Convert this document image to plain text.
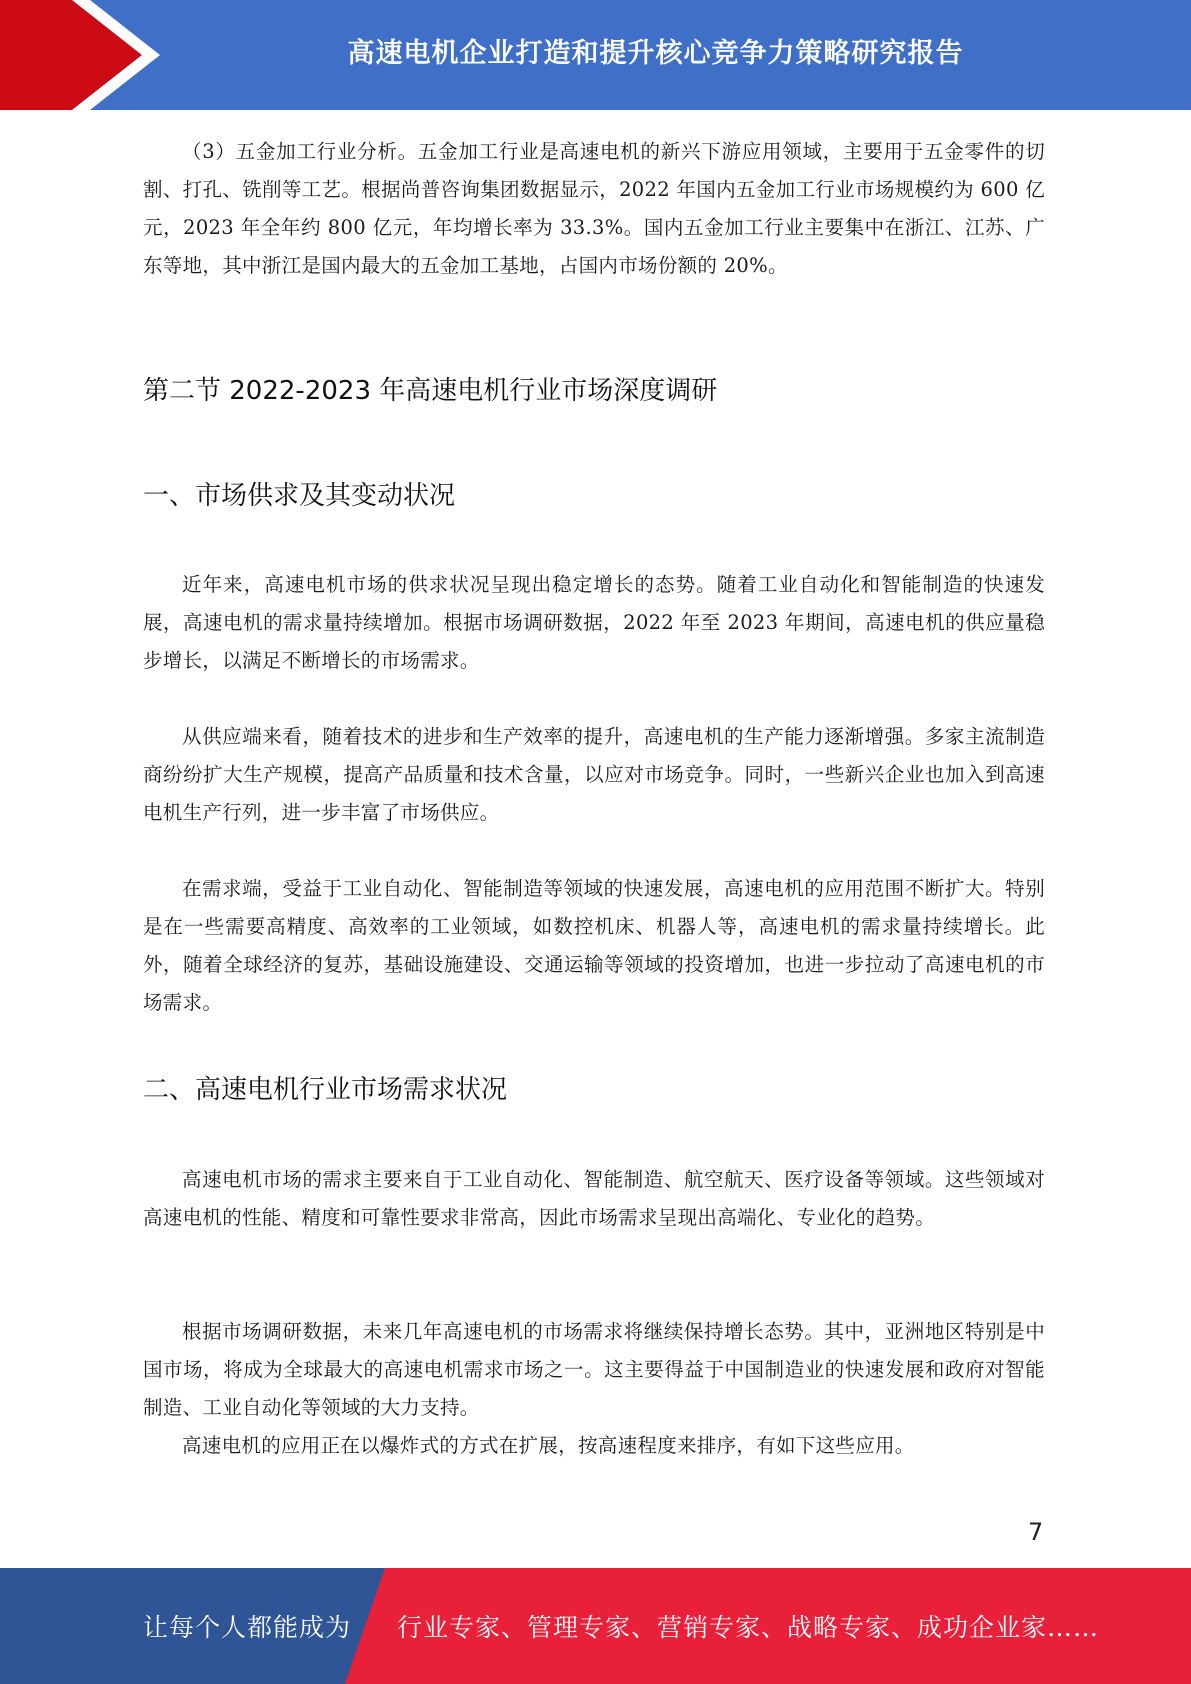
高速电机企业打造和提升核心竞争力策略研究报告

（3）五金加工行业分析。五金加工行业是高速电机的新兴下游应用领域，主要用于五金零件的切割、打孔、铣削等工艺。根据尚普咨询集团数据显示，2022 年国内五金加工行业市场规模约为 600 亿元，2023 年全年约 800 亿元，年均增长率为 33.3%。国内五金加工行业主要集中在浙江、江苏、广东等地，其中浙江是国内最大的五金加工基地，占国内市场份额的 20%。

第二节 2022-2023 年高速电机行业市场深度调研
一、市场供求及其变动状况

近年来，高速电机市场的供求状况呈现出稳定增长的态势。随着工业自动化和智能制造的快速发展，高速电机的需求量持续增加。根据市场调研数据，2022 年至 2023 年期间，高速电机的供应量稳步增长，以满足不断增长的市场需求。

从供应端来看，随着技术的进步和生产效率的提升，高速电机的生产能力逐渐增强。多家主流制造商纷纷扩大生产规模，提高产品质量和技术含量，以应对市场竞争。同时，一些新兴企业也加入到高速电机生产行列，进一步丰富了市场供应。

在需求端，受益于工业自动化、智能制造等领域的快速发展，高速电机的应用范围不断扩大。特别是在一些需要高精度、高效率的工业领域，如数控机床、机器人等，高速电机的需求量持续增长。此外，随着全球经济的复苏，基础设施建设、交通运输等领域的投资增加，也进一步拉动了高速电机的市场需求。

二、高速电机行业市场需求状况

高速电机市场的需求主要来自于工业自动化、智能制造、航空航天、医疗设备等领域。这些领域对高速电机的性能、精度和可靠性要求非常高，因此市场需求呈现出高端化、专业化的趋势。

根据市场调研数据，未来几年高速电机的市场需求将继续保持增长态势。其中，亚洲地区特别是中国市场，将成为全球最大的高速电机需求市场之一。这主要得益于中国制造业的快速发展和政府对智能制造、工业自动化等领域的大力支持。

高速电机的应用正在以爆炸式的方式在扩展，按高速程度来排序，有如下这些应用。

7
让每个人都能成为 行业专家、管理专家、营销专家、战略专家、成功企业家……
